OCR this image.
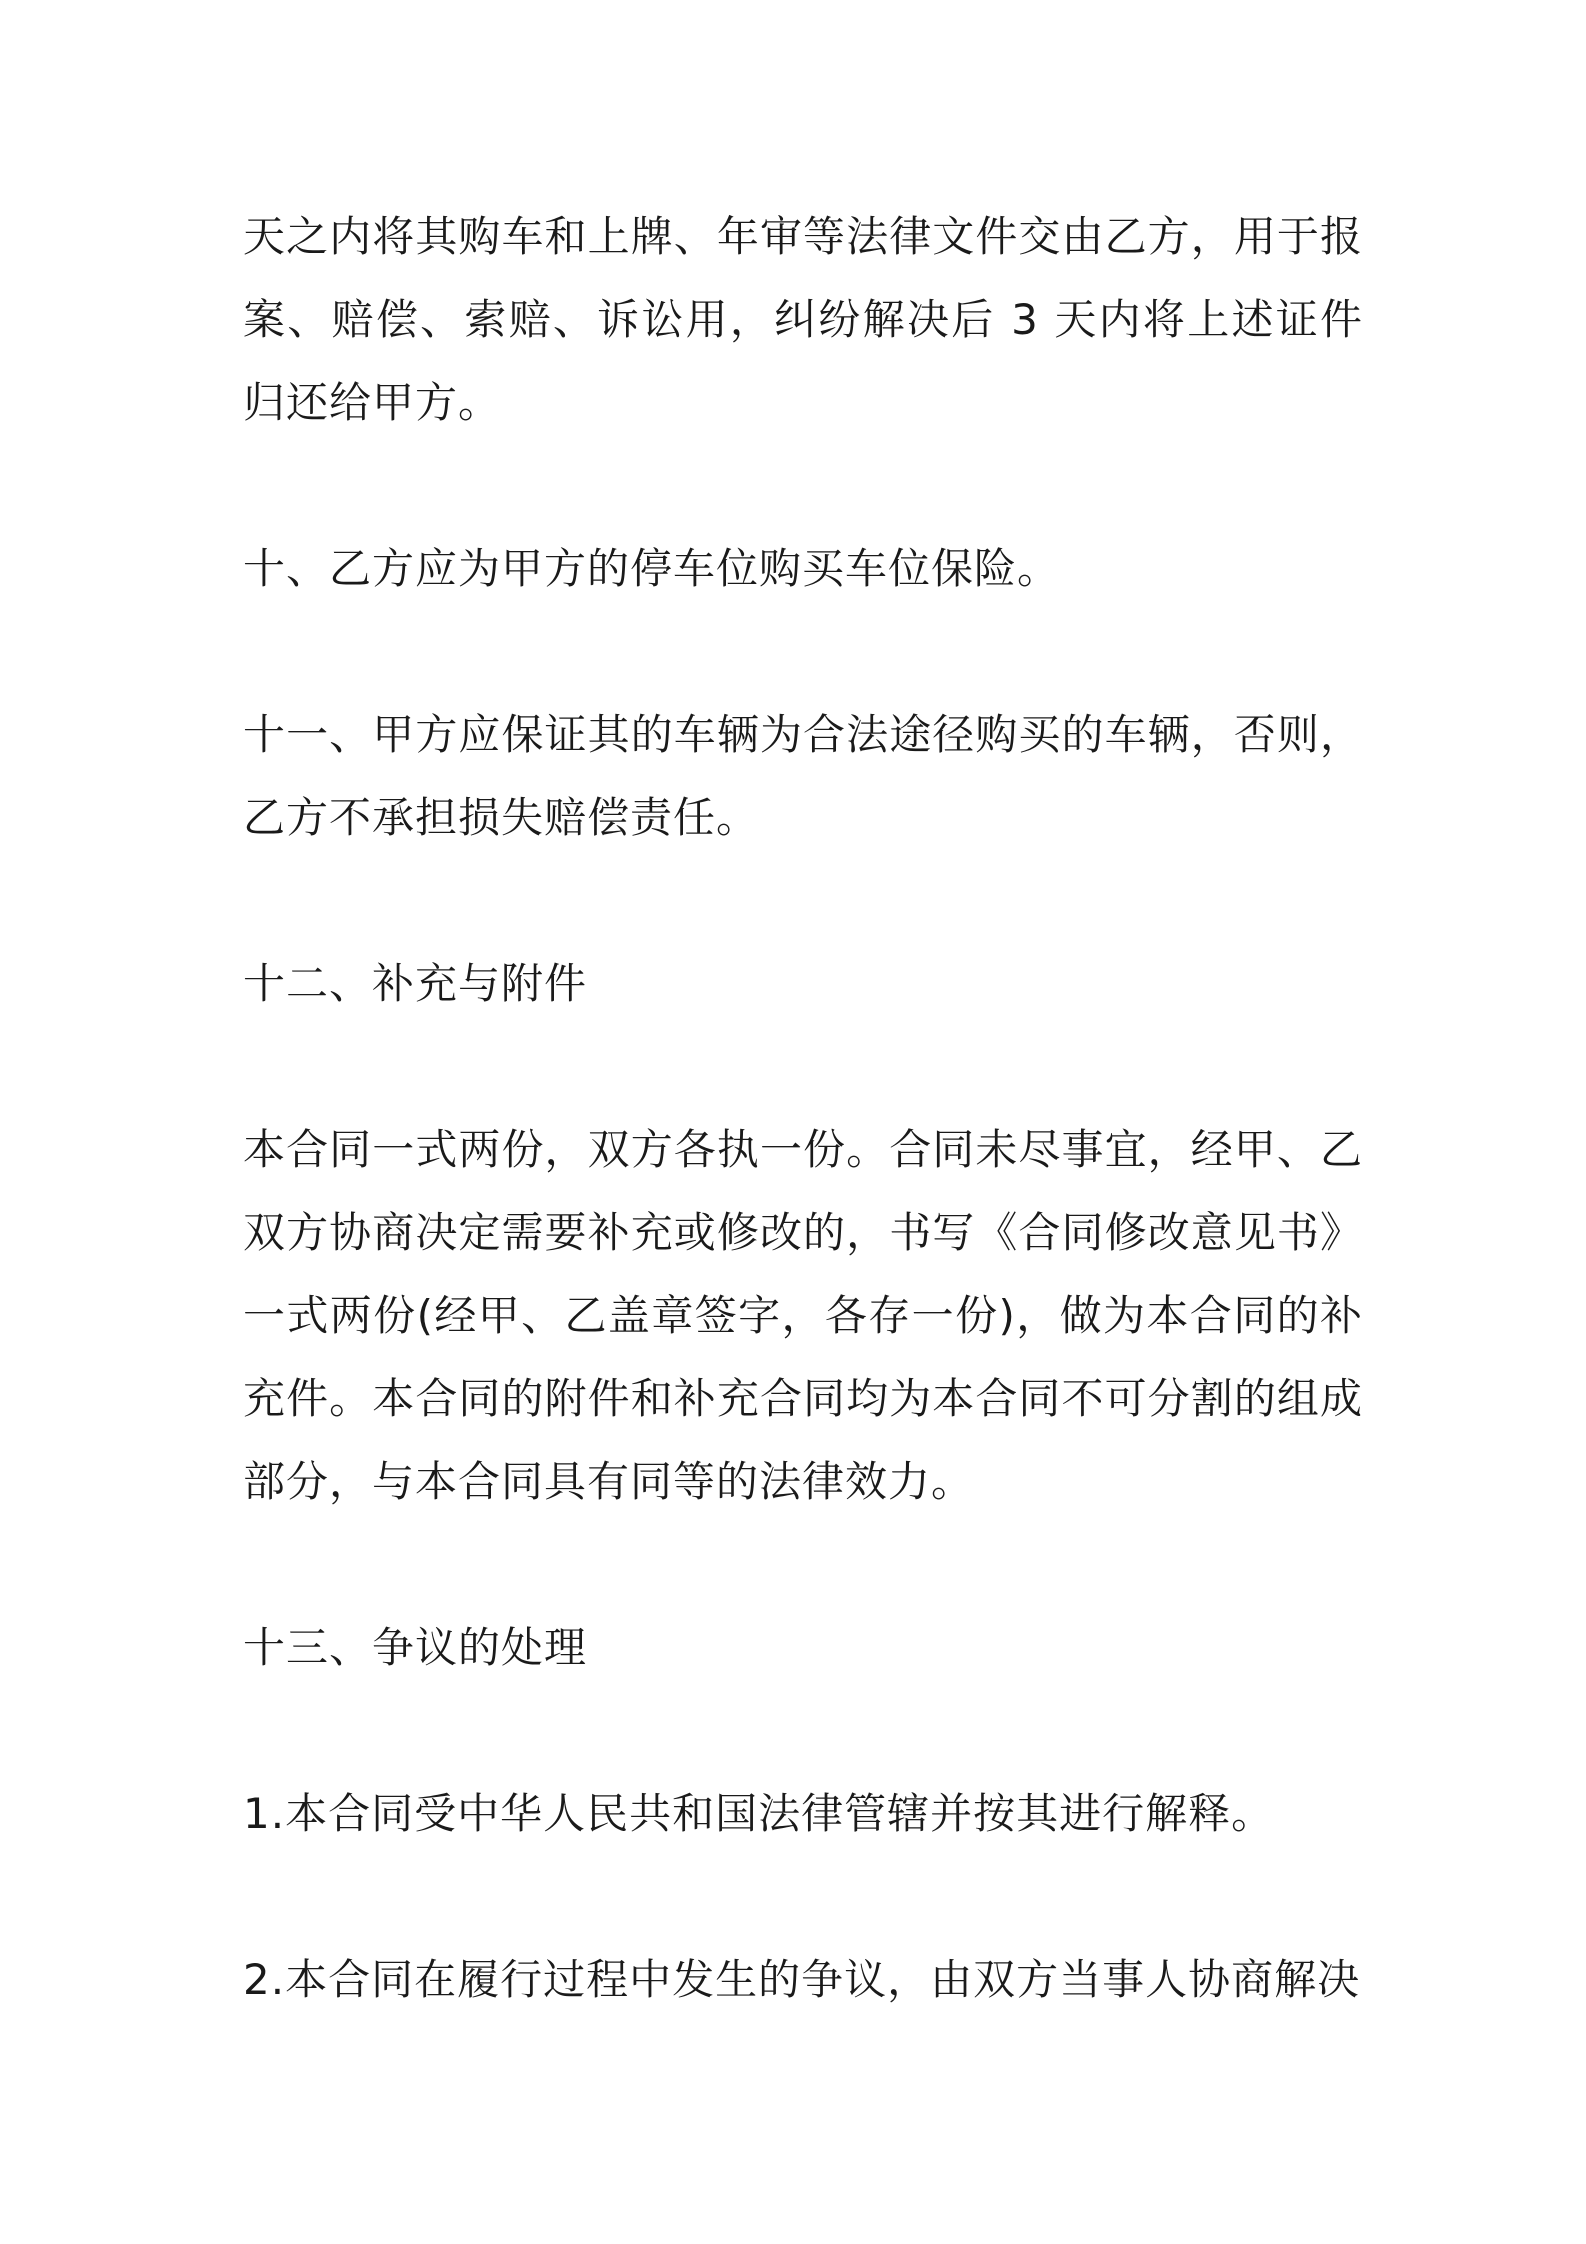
天之内将其购车和上牌、年审等法律文件交由乙方，用于报案、赔偿、索赔、诉讼用，纠纷解决后 3 天内将上述证件归还给甲方。

十、乙方应为甲方的停车位购买车位保险。

十一、甲方应保证其的车辆为合法途径购买的车辆，否则，乙方不承担损失赔偿责任。

十二、补充与附件

本合同一式两份，双方各执一份。合同未尽事宜，经甲、乙双方协商决定需要补充或修改的，书写《合同修改意见书》一式两份(经甲、乙盖章签字，各存一份)，做为本合同的补充件。本合同的附件和补充合同均为本合同不可分割的组成部分，与本合同具有同等的法律效力。

十三、争议的处理

1.本合同受中华人民共和国法律管辖并按其进行解释。

2.本合同在履行过程中发生的争议，由双方当事人协商解决
